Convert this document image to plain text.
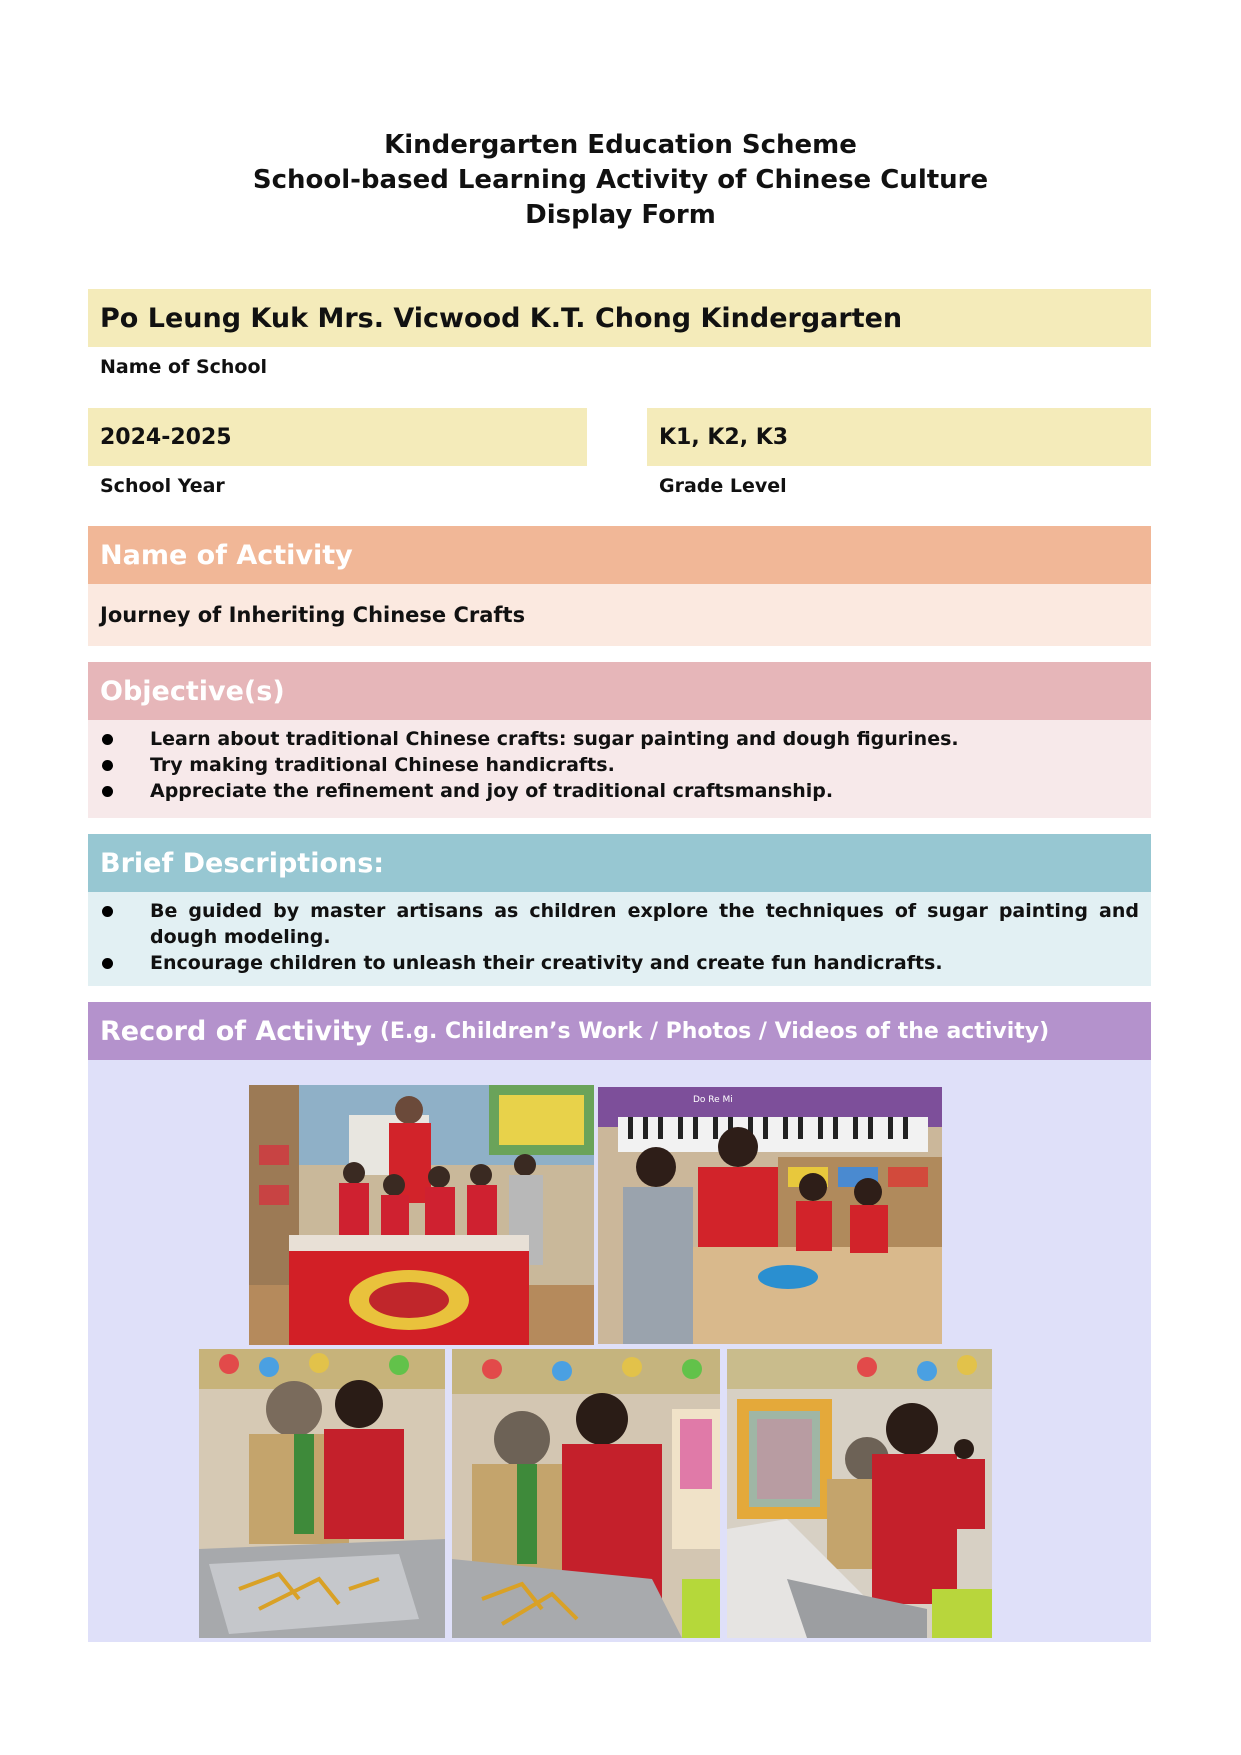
Kindergarten Education Scheme
School-based Learning Activity of Chinese Culture
Display Form
Po Leung Kuk Mrs. Vicwood K.T. Chong Kindergarten
Name of School
2024-2025
School Year
K1, K2, K3
Grade Level
Name of Activity
Journey of Inheriting Chinese Crafts
Objective(s)
Learn about traditional Chinese crafts: sugar painting and dough figurines.
Try making traditional Chinese handicrafts.
Appreciate the refinement and joy of traditional craftsmanship.
Brief Descriptions:
Be guided by master artisans as children explore the techniques of sugar painting and dough modeling.
Encourage children to unleash their creativity and create fun handicrafts.
Record of Activity (E.g. Children’s Work / Photos / Videos of the activity)
Do Re Mi
